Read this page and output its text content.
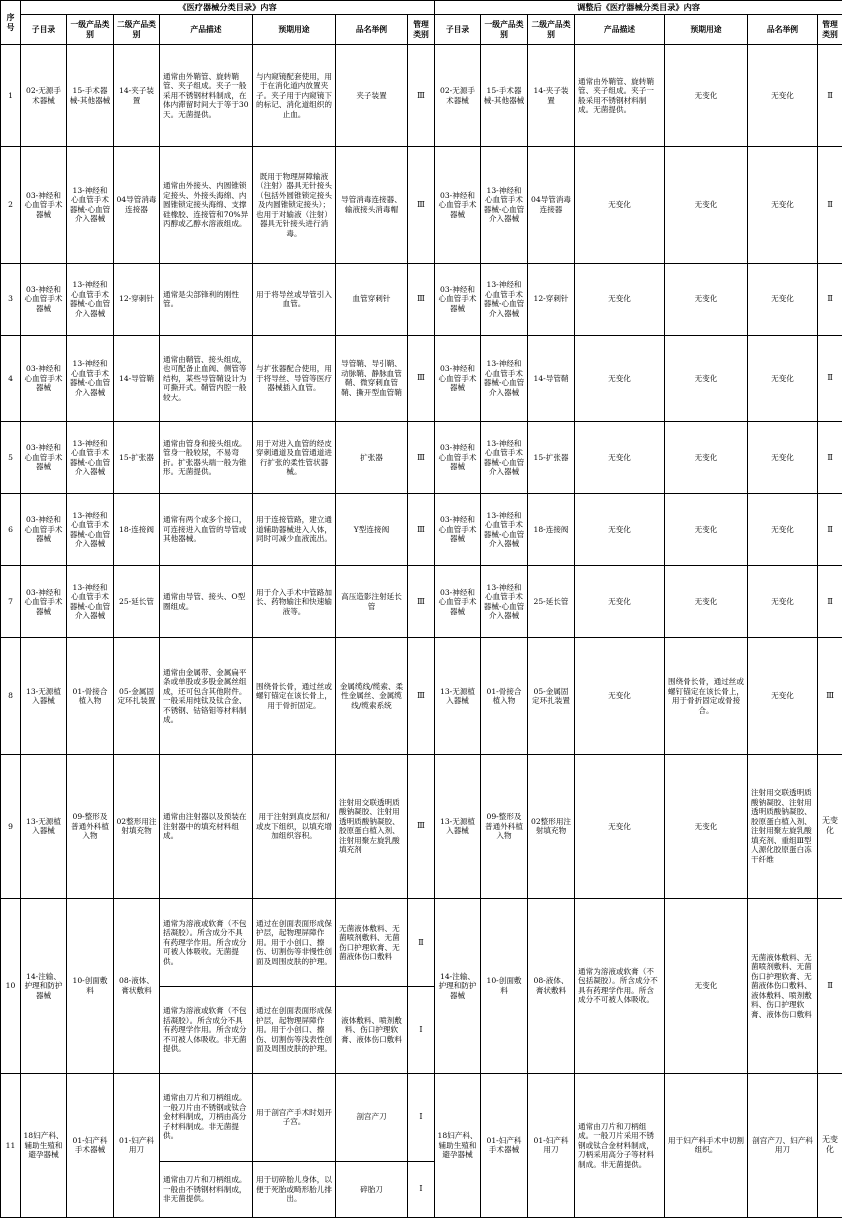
序号	《医疗器械分类目录》内容							调整后《医疗器械分类目录》内容						
	子目录	一级产品类别	二级产品类别	产品描述	预期用途	品名举例	管理类别	子目录	一级产品类别	二级产品类别	产品描述	预期用途	品名举例	管理类别
1	02-无源手术器械	15-手术器械-其他器械	14-夹子装置	通常由外鞘管、旋转鞘管、夹子组成。夹子一般采用不锈钢材料制成，在体内滞留时间大于等于30天。无菌提供。	与内窥镜配套使用，用于在消化道内放置夹子。夹子用于内窥镜下的标记、消化道组织的止血。	夹子装置	Ⅲ	02-无源手术器械	15-手术器械-其他器械	14-夹子装置	通常由外鞘管、旋转鞘管、夹子组成。夹子一般采用不锈钢材料制成。无菌提供。	无变化	无变化	Ⅱ
2	03-神经和心血管手术器械	13-神经和心血管手术器械-心血管介入器械	04导管消毒连接器	通常由外接头、内圆锥锁定接头、外接头海绵、内圆锥锁定接头海绵、支撑硅橡胶、连接管和70%异丙醇或乙醇水溶液组成。	既用于物理屏障输液（注射）器具无针接头（包括外圆锥锁定接头及内圆锥锁定接头）；也用于对输液（注射）器具无针接头进行消毒。	导管消毒连接器、输液接头消毒帽	Ⅲ	03-神经和心血管手术器械	13-神经和心血管手术器械-心血管介入器械	04导管消毒连接器	无变化	无变化	无变化	Ⅱ
3	03-神经和心血管手术器械	13-神经和心血管手术器械-心血管介入器械	12-穿刺针	通常是尖部锋利的刚性管。	用于将导丝或导管引入血管。	血管穿刺针	Ⅲ	03-神经和心血管手术器械	13-神经和心血管手术器械-心血管介入器械	12-穿刺针	无变化	无变化	无变化	Ⅱ
4	03-神经和心血管手术器械	13-神经和心血管手术器械-心血管介入器械	14-导管鞘	通常由鞘管、接头组成，也可配备止血阀、侧管等结构，某些导管鞘设计为可撕开式。鞘管内腔一般较大。	与扩张器配合使用，用于将导丝、导管等医疗器械插入血管。	导管鞘、导引鞘、动脉鞘、静脉血管鞘、微穿刺血管鞘、撕开型血管鞘	Ⅲ	03-神经和心血管手术器械	13-神经和心血管手术器械-心血管介入器械	14-导管鞘	无变化	无变化	无变化	Ⅱ
5	03-神经和心血管手术器械	13-神经和心血管手术器械-心血管介入器械	15-扩张器	通常由管身和接头组成。管身一般较尿，不易弯折。扩张器头端一般为锥形。无菌提供。	用于对进入血管的经皮穿刺通道及血管通道进行扩张的柔性管状器械。	扩张器	Ⅲ	03-神经和心血管手术器械	13-神经和心血管手术器械-心血管介入器械	15-扩张器	无变化	无变化	无变化	Ⅱ
6	03-神经和心血管手术器械	13-神经和心血管手术器械-心血管介入器械	18-连接阀	通常有两个或多个接口，可连接进入血管的导管或其他器械。	用于连接管路，建立通道辅助器械进入人体，同时可减少血液流出。	Y型连接阀	Ⅲ	03-神经和心血管手术器械	13-神经和心血管手术器械-心血管介入器械	18-连接阀	无变化	无变化	无变化	Ⅱ
7	03-神经和心血管手术器械	13-神经和心血管手术器械-心血管介入器械	25-延长管	通常由导管、接头、O型圈组成。	用于介入手术中管路加长、药物输注和快速输液等。	高压造影注射延长管	Ⅲ	03-神经和心血管手术器械	13-神经和心血管手术器械-心血管介入器械	25-延长管	无变化	无变化	无变化	Ⅱ
8	13-无源植入器械	01-骨接合植入物	05-金属固定环扎装置	通常由金属带、金属扁平条或单股或多股金属丝组成，还可包含其他附件。一般采用纯钛及钛合金、不锈钢、钴铬钼等材料制成。	围绕骨长骨，通过丝或螺钉锚定在该长骨上，用于骨折固定。	金属缆线/缆索、柔性金属丝、金属缆线/缆索系统	Ⅲ	13-无源植入器械	01-骨接合植入物	05-金属固定环扎装置	无变化	围绕骨长骨，通过丝或螺钉锚定在该长骨上，用于骨折固定或骨接合。	无变化	Ⅲ
9	13-无源植入器械	09-整形及普通外科植入物	02整形用注射填充物	通常由注射器以及预装在注射器中的填充材料组成。	用于注射到真皮层和/或皮下组织，以填充增加组织容积。	注射用交联透明质酸钠凝胶、注射用透明质酸钠凝胶、胶原蛋白植入剂、注射用聚左旋乳酸填充剂	Ⅲ	13-无源植入器械	09-整形及普通外科植入物	02整形用注射填充物	无变化	无变化	注射用交联透明质酸钠凝胶、注射用透明质酸钠凝胶、胶原蛋白植入剂、注射用聚左旋乳酸填充剂、重组Ⅲ型人源化胶原蛋白冻干纤维	无变化
10	14-注输、护理和防护器械	10-创面敷料	08-液体、膏状敷料	通常为溶液或软膏（不包括凝胶）。所含成分不具有药理学作用。所含成分可被人体吸收。无菌提供。	通过在创面表面形成保护层，起物理屏障作用。用于小创口、擦伤、切割伤等非慢性创面及周围皮肤的护理。	无菌液体敷料、无菌喷剂敷料、无菌伤口护理软膏、无菌液体伤口敷料	Ⅱ	14-注输、护理和防护器械	10-创面敷料	08-液体、膏状敷料	通常为溶液或软膏（不包括凝胶）。所含成分不具有药理学作用。所含成分不可被人体吸收。	无变化	无菌液体敷料、无菌喷剂敷料、无菌伤口护理软膏、无菌液体伤口敷料、液体敷料、喷剂敷料、伤口护理软膏、液体伤口敷料	Ⅱ
				通常为溶液或软膏（不包括凝胶）。所含成分不具有药理学作用。所含成分不可被人体吸收。非无菌提供。	通过在创面表面形成保护层，起物理屏障作用。用于小创口、擦伤、切割伤等浅表性创面及周围皮肤的护理。	液体敷料、喷剂敷料、伤口护理软膏、液体伤口敷料	Ⅰ							
11	18妇产科、辅助生殖和避孕器械	01-妇产科手术器械	01-妇产科用刀	通常由刀片和刀柄组成。一般刀片由不锈钢或钛合金材料制成，刀柄由高分子材料制成。非无菌提供。	用于剖宫产手术时划开子宫。	剖宫产刀	Ⅰ	18妇产科、辅助生殖和避孕器械	01-妇产科手术器械	01-妇产科用刀	通常由刀片和刀柄组成。一般刀片采用不锈钢或钛合金材料制成，刀柄采用高分子等材料制成。非无菌提供。	用于妇产科手术中切割组织。	剖宫产刀、妇产科用刀	无变化
				通常由刀片和刀柄组成。一般由不锈钢材料制成，非无菌提供。	用于切碎胎儿身体，以便于死胎或畸形胎儿排出。	碎胎刀	Ⅰ							
